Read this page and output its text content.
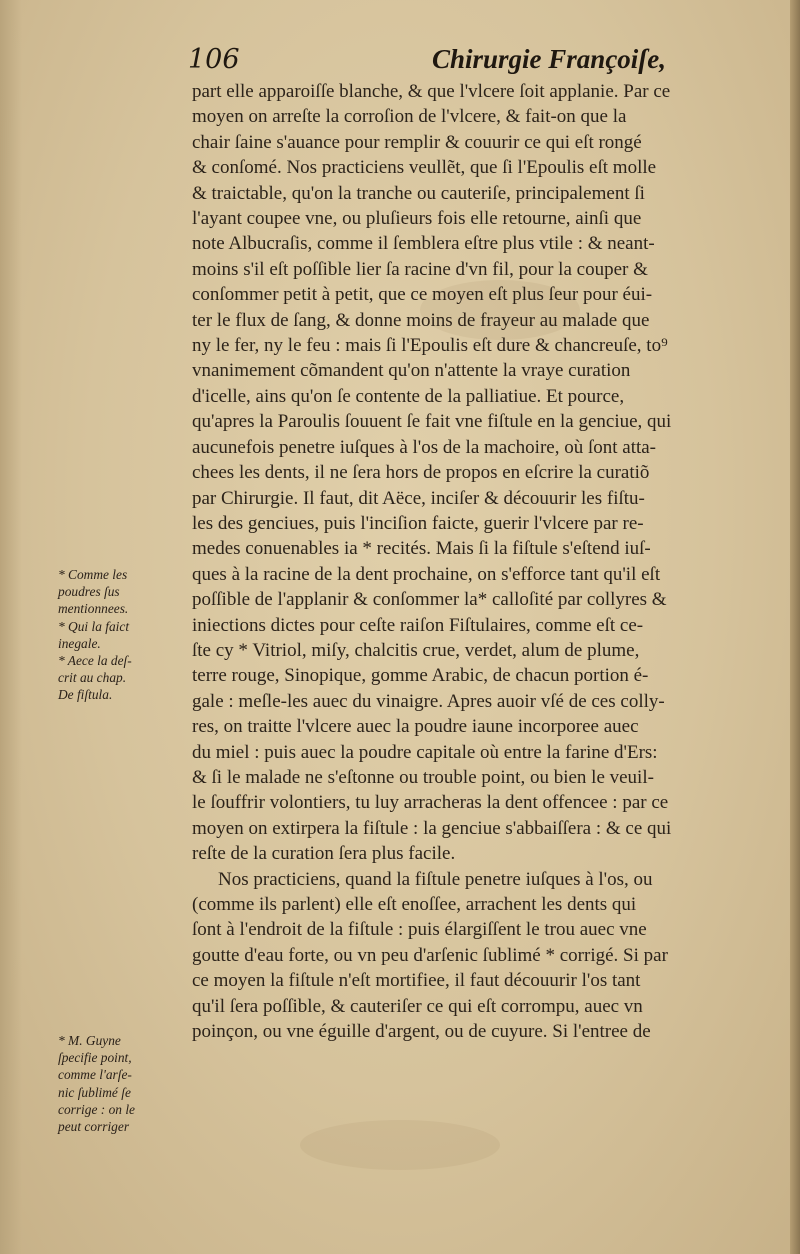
106	Chirurgie Françoiſe,
part elle apparoiſſe blanche, & que l'vlcere ſoit applanie. Par ce
moyen on arreſte la corroſion de l'vlcere, & fait-on que la
chair ſaine s'auance pour remplir & couurir ce qui eſt rongé
& conſomé. Nos practiciens veullẽt, que ſi l'Epoulis eſt molle
& traictable, qu'on la tranche ou cauteriſe, principalement ſi
l'ayant coupee vne, ou pluſieurs fois elle retourne, ainſi que
note Albucraſis, comme il ſemblera eſtre plus vtile : & neant-
moins s'il eſt poſſible lier ſa racine d'vn fil, pour la couper &
conſommer petit à petit, que ce moyen eſt plus ſeur pour éui-
ter le flux de ſang, & donne moins de frayeur au malade que
ny le fer, ny le feu : mais ſi l'Epoulis eſt dure & chancreuſe, to⁹
vnanimement cõmandent qu'on n'attente la vraye curation
d'icelle, ains qu'on ſe contente de la palliatiue. Et pource,
qu'apres la Paroulis ſouuent ſe fait vne fiſtule en la genciue, qui
aucunefois penetre iuſques à l'os de la machoire, où ſont atta-
chees les dents, il ne ſera hors de propos en eſcrire la curatiõ
par Chirurgie. Il faut, dit Aëce, inciſer & découurir les fiſtu-
les des genciues, puis l'inciſion faicte, guerir l'vlcere par re-
medes conuenables ia * recités. Mais ſi la fiſtule s'eſtend iuſ-
ques à la racine de la dent prochaine, on s'efforce tant qu'il eſt
poſſible de l'applanir & conſommer la* calloſité par collyres &
iniections dictes pour ceſte raiſon Fiſtulaires, comme eſt ce-
ſte cy * Vitriol, miſy, chalcitis crue, verdet, alum de plume,
terre rouge, Sinopique, gomme Arabic, de chacun portion é-
gale : meſle-les auec du vinaigre. Apres auoir vſé de ces colly-
res, on traitte l'vlcere auec la poudre iaune incorporee auec
du miel : puis auec la poudre capitale où entre la farine d'Ers:
& ſi le malade ne s'eſtonne ou trouble point, ou bien le veuil-
le ſouffrir volontiers, tu luy arracheras la dent offencee : par ce
moyen on extirpera la fiſtule : la genciue s'abbaiſſera : & ce qui
reſte de la curation ſera plus facile.
Nos practiciens, quand la fiſtule penetre iuſques à l'os, ou
(comme ils parlent) elle eſt enoſſee, arrachent les dents qui
ſont à l'endroit de la fiſtule : puis élargiſſent le trou auec vne
goutte d'eau forte, ou vn peu d'arſenic ſublimé * corrigé. Si par
ce moyen la fiſtule n'eſt mortifiee, il faut découurir l'os tant
qu'il ſera poſſible, & cauteriſer ce qui eſt corrompu, auec vn
poinçon, ou vne éguille d'argent, ou de cuyure. Si l'entree de
* Comme les
poudres ſus
mentionnees.
* Qui la faict
inegale.
* Aece la deſ-
crit au chap.
De fiſtula.
* M. Guyne
ſpecifie point,
comme l'arſe-
nic ſublimé ſe
corrige : on le
peut corriger
